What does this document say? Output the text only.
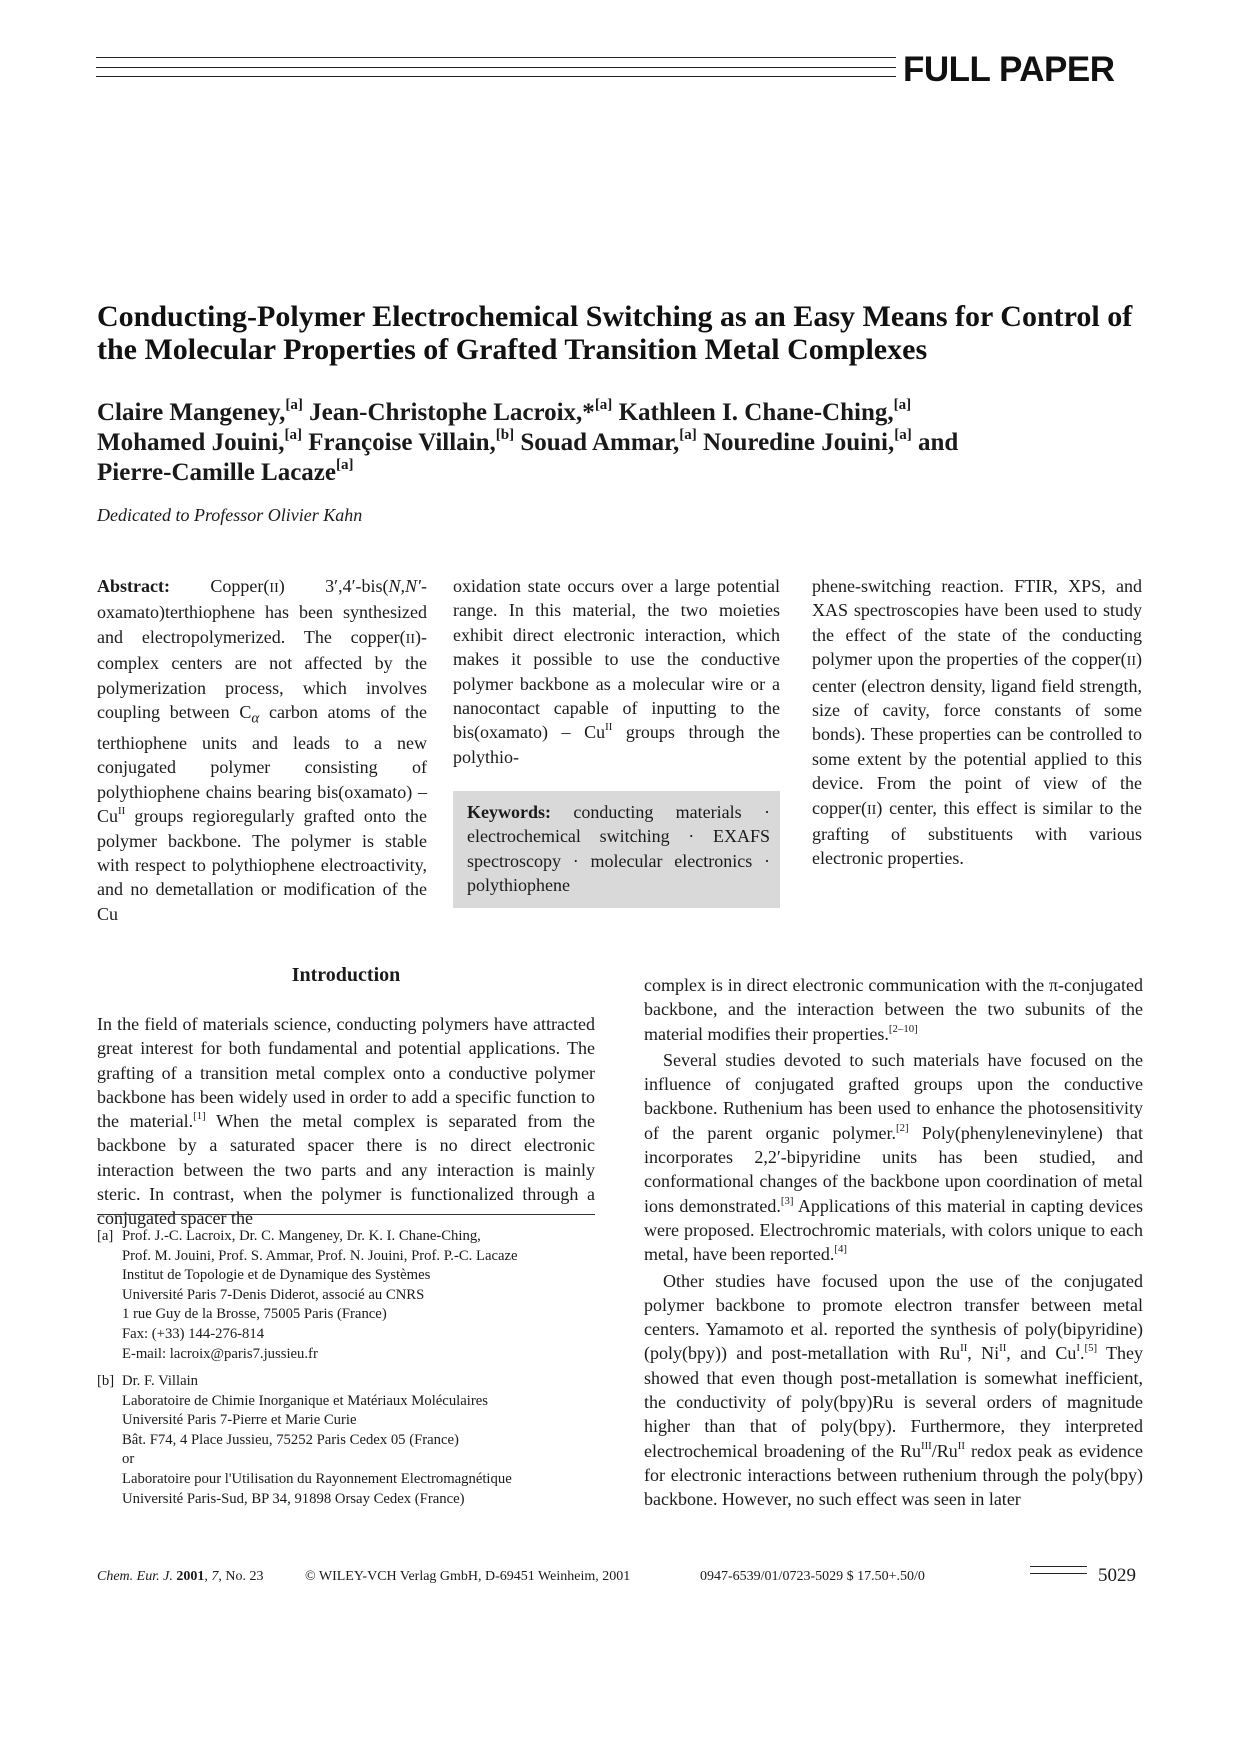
FULL PAPER
Conducting-Polymer Electrochemical Switching as an Easy Means for Control of the Molecular Properties of Grafted Transition Metal Complexes

Claire Mangeney,[a] Jean-Christophe Lacroix,*[a] Kathleen I. Chane-Ching,[a]
Mohamed Jouini,[a] Françoise Villain,[b] Souad Ammar,[a] Nouredine Jouini,[a] and
Pierre-Camille Lacaze[a]

Dedicated to Professor Olivier Kahn

Abstract: Copper(II) 3′,4′-bis(N,N′-oxamato)terthiophene has been synthesized and electropolymerized. The copper(II)-complex centers are not affected by the polymerization process, which involves coupling between $C_\alpha$ carbon atoms of the terthiophene units and leads to a new conjugated polymer consisting of polythiophene chains bearing bis(oxamato) – $Cu^{II}$ groups regioregularly grafted onto the polymer backbone. The polymer is stable with respect to polythiophene electroactivity, and no demetallation or modification of the Cu

oxidation state occurs over a large potential range. In this material, the two moieties exhibit direct electronic interaction, which makes it possible to use the conductive polymer backbone as a molecular wire or a nanocontact capable of inputting to the bis(oxamato) – $Cu^{II}$ groups through the polythio-

Keywords: conducting materials · electrochemical switching · EXAFS spectroscopy · molecular electronics · polythiophene

phene-switching reaction. FTIR, XPS, and XAS spectroscopies have been used to study the effect of the state of the conducting polymer upon the properties of the copper(II) center (electron density, ligand field strength, size of cavity, force constants of some bonds). These properties can be controlled to some extent by the potential applied to this device. From the point of view of the copper(II) center, this effect is similar to the grafting of substituents with various electronic properties.

Introduction

In the field of materials science, conducting polymers have attracted great interest for both fundamental and potential applications. The grafting of a transition metal complex onto a conductive polymer backbone has been widely used in order to add a specific function to the material.[1] When the metal complex is separated from the backbone by a saturated spacer there is no direct electronic interaction between the two parts and any interaction is mainly steric. In contrast, when the polymer is functionalized through a conjugated spacer the

[a] Prof. J.-C. Lacroix, Dr. C. Mangeney, Dr. K. I. Chane-Ching,
Prof. M. Jouini, Prof. S. Ammar, Prof. N. Jouini, Prof. P.-C. Lacaze
Institut de Topologie et de Dynamique des Systèmes
Université Paris 7-Denis Diderot, associé au CNRS
1 rue Guy de la Brosse, 75005 Paris (France)
Fax: (+33) 144-276-814
E-mail: lacroix@paris7.jussieu.fr
[b] Dr. F. Villain
Laboratoire de Chimie Inorganique et Matériaux Moléculaires
Université Paris 7-Pierre et Marie Curie
Bât. F74, 4 Place Jussieu, 75252 Paris Cedex 05 (France)
or
Laboratoire pour l'Utilisation du Rayonnement Electromagnétique
Université Paris-Sud, BP 34, 91898 Orsay Cedex (France)

complex is in direct electronic communication with the π-conjugated backbone, and the interaction between the two subunits of the material modifies their properties.[2–10]

Several studies devoted to such materials have focused on the influence of conjugated grafted groups upon the conductive backbone. Ruthenium has been used to enhance the photosensitivity of the parent organic polymer.[2] Poly(phenylenevinylene) that incorporates 2,2′-bipyridine units has been studied, and conformational changes of the backbone upon coordination of metal ions demonstrated.[3] Applications of this material in capting devices were proposed. Electrochromic materials, with colors unique to each metal, have been reported.[4]

Other studies have focused upon the use of the conjugated polymer backbone to promote electron transfer between metal centers. Yamamoto et al. reported the synthesis of poly(bipyridine) (poly(bpy)) and post-metallation with $Ru^{II}$, $Ni^{II}$, and $Cu^I.[5]$ They showed that even though post-metallation is somewhat inefficient, the conductivity of poly(bpy)Ru is several orders of magnitude higher than that of poly(bpy). Furthermore, they interpreted electrochemical broadening of the $Ru^{III}/Ru^{II}$ redox peak as evidence for electronic interactions between ruthenium through the poly(bpy) backbone. However, no such effect was seen in later

Chem. Eur. J. 2001, 7, No. 23	© WILEY-VCH Verlag GmbH, D-69451 Weinheim, 2001	0947-6539/01/0723-5029 $ 17.50+.50/0	5029
